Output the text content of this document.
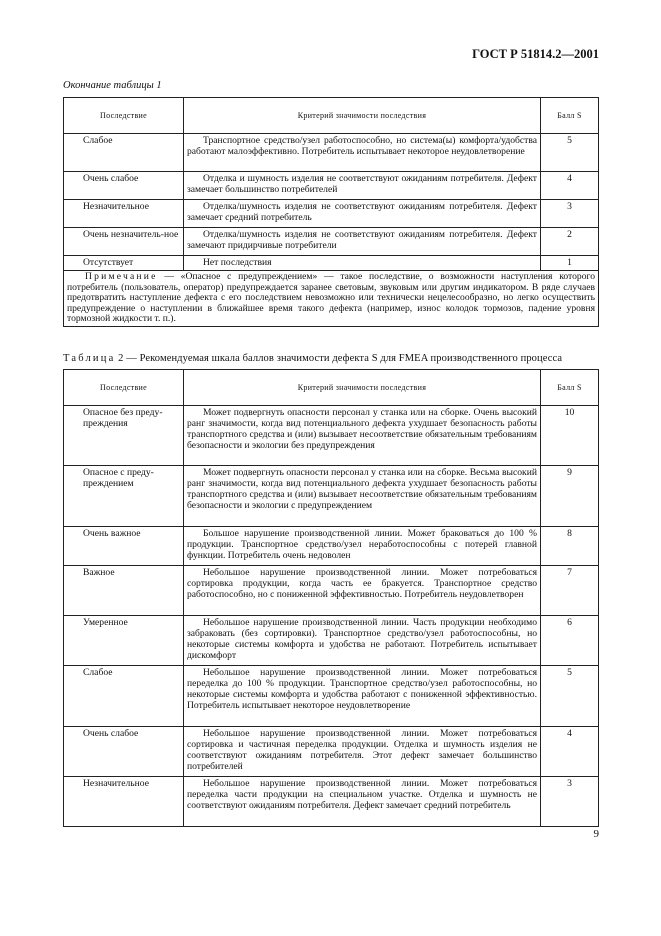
ГОСТ Р 51814.2—2001
Окончание таблицы 1
Последствие	Критерий значимости последствия	Балл S

Слабое	Транспортное средство/узел работоспособно, но система(ы) комфорта/удобства работают малоэффективно. Потребитель испытывает некоторое неудовлетворение	5

Очень слабое	Отделка и шумность изделия не соответствуют ожиданиям потребителя. Дефект замечает большинство потребителей	4

Незначительное	Отделка/шумность изделия не соответствуют ожиданиям потребителя. Дефект замечает средний потребитель	3

Очень незначитель-ное	Отделка/шумность изделия не соответствуют ожиданиям потребителя. Дефект замечают придирчивые потребители	2

Отсутствует	Нет последствия	1
Примечание — «Опасное с предупреждением» — такое последствие, о возможности наступления которого потребитель (пользователь, оператор) предупреждается заранее световым, звуковым или другим индикатором. В ряде случаев предотвратить наступление дефекта с его последствием невозможно или технически нецелесообразно, но легко осуществить предупреждение о наступлении в ближайшее время такого дефекта (например, износ колодок тормозов, падение уровня тормозной жидкости т. п.).		
Таблица 2 — Рекомендуемая шкала баллов значимости дефекта S для FMEA производственного процесса
Последствие	Критерий значимости последствия	Балл S

Опасное без преду-преждения	Может подвергнуть опасности персонал у станка или на сборке. Очень высокий ранг значимости, когда вид потенциального дефекта ухудшает безопасность работы транспортного средства и (или) вызывает несоответствие обязательным требованиям безопасности и экологии без предупреждения	10

Опасное с преду-преждением	Может подвергнуть опасности персонал у станка или на сборке. Весьма высокий ранг значимости, когда вид потенциального дефекта ухудшает безопасность работы транспортного средства и (или) вызывает несоответствие обязательным требованиям безопасности и экологии с предупреждением	9

Очень важное	Большое нарушение производственной линии. Может браковаться до 100 % продукции. Транспортное средство/узел неработоспособны с потерей главной функции. Потребитель очень недоволен	8

Важное	Небольшое нарушение производственной линии. Может потребоваться сортировка продукции, когда часть ее бракуется. Транспортное средство работоспособно, но с пониженной эффективностью. Потребитель неудовлетворен	7

Умеренное	Небольшое нарушение производственной линии. Часть продукции необходимо забраковать (без сортировки). Транспортное средство/узел работоспособны, но некоторые системы комфорта и удобства не работают. Потребитель испытывает дискомфорт	6

Слабое	Небольшое нарушение производственной линии. Может потребоваться переделка до 100 % продукции. Транспортное средство/узел работоспособны, но некоторые системы комфорта и удобства работают с пониженной эффективностью. Потребитель испытывает некоторое неудовлетворение	5

Очень слабое	Небольшое нарушение производственной линии. Может потребоваться сортировка и частичная переделка продукции. Отделка и шумность изделия не соответствуют ожиданиям потребителя. Этот дефект замечает большинство потребителей	4

Незначительное	Небольшое нарушение производственной линии. Может потребоваться переделка части продукции на специальном участке. Отделка и шумность не соответствуют ожиданиям потребителя. Дефект замечает средний потребитель	3
9
